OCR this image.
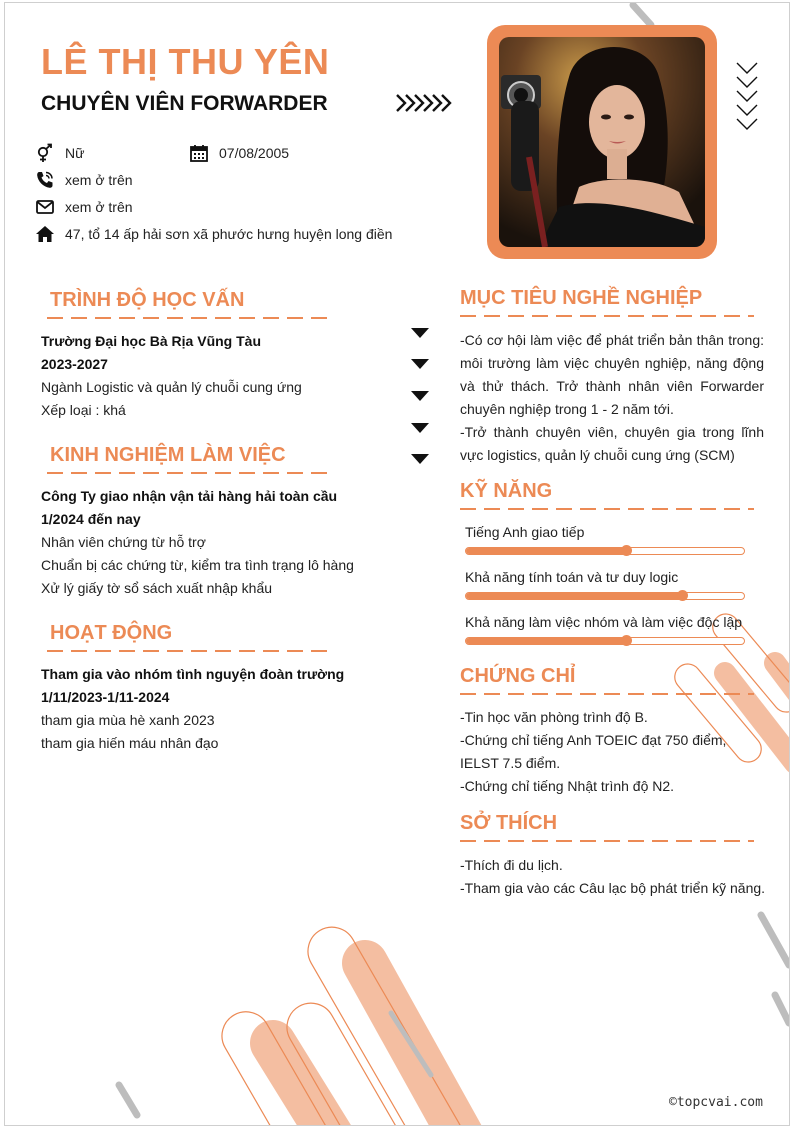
LÊ THỊ THU YÊN
CHUYÊN VIÊN FORWARDER
Nữ	07/08/2005
xem ở trên
xem ở trên
47, tổ 14 ấp hải sơn xã phước hưng huyện long điền
TRÌNH ĐỘ HỌC VẤN
Trường Đại học Bà Rịa Vũng Tàu
2023-2027
Ngành Logistic và quản lý chuỗi cung ứng
Xếp loại : khá
KINH NGHIỆM LÀM VIỆC
Công Ty giao nhận vận tải hàng hải toàn cầu
1/2024 đến nay
Nhân viên chứng từ hỗ trợ
Chuẩn bị các chứng từ, kiểm tra tình trạng lô hàng
Xử lý giấy tờ sổ sách xuất nhập khẩu
HOẠT ĐỘNG
Tham gia vào nhóm tình nguyện đoàn trường
1/11/2023-1/11-2024
tham gia mùa hè xanh 2023
tham gia hiến máu nhân đạo
MỤC TIÊU NGHỀ NGHIỆP
-Có cơ hội làm việc để phát triển bản thân trong: môi trường làm việc chuyên nghiệp, năng động và thử thách. Trở thành nhân viên Forwarder chuyên nghiệp trong 1 - 2 năm tới.
-Trở thành chuyên viên, chuyên gia trong lĩnh vực logistics, quản lý chuỗi cung ứng (SCM)
KỸ NĂNG
Tiếng Anh giao tiếp
Khả năng tính toán và tư duy logic
Khả năng làm việc nhóm và làm việc độc lập
CHỨNG CHỈ
-Tin học văn phòng trình độ B.
-Chứng chỉ tiếng Anh TOEIC đạt 750 điểm, IELST 7.5 điểm.
-Chứng chỉ tiếng Nhật trình độ N2.
SỞ THÍCH
-Thích đi du lịch.
-Tham gia vào các Câu lạc bộ phát triển kỹ năng.
©topcvai.com
